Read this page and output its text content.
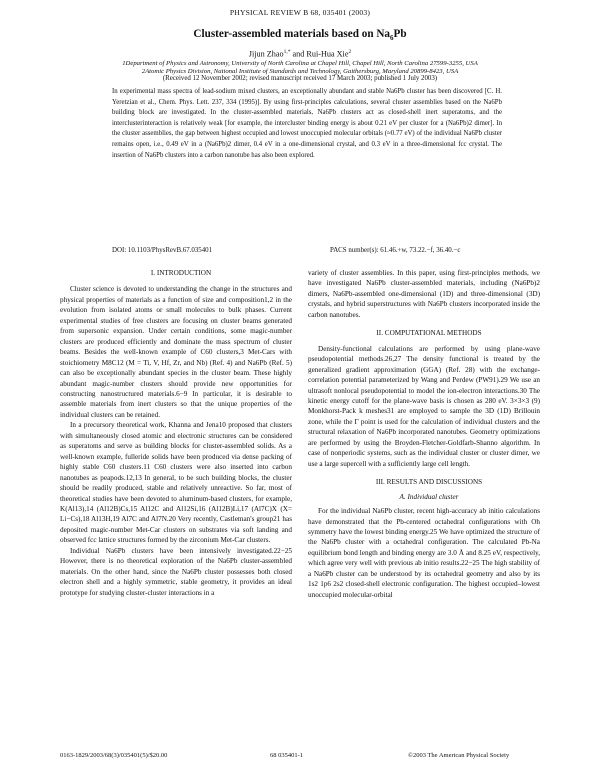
PHYSICAL REVIEW B 68, 035401 (2003)
Cluster-assembled materials based on $Na_6Pb$
Jijun Zhao$^{1,*}$ and Rui-Hua Xie$^2$
1Department of Physics and Astronomy, University of North Carolina at Chapel Hill, Chapel Hill, North Carolina 27599-3255, USA
2Atomic Physics Division, National Institute of Standards and Technology, Gaithersburg, Maryland 20899-8423, USA
(Received 12 November 2002; revised manuscript received 17 March 2003; published 1 July 2003)
In experimental mass spectra of lead-sodium mixed clusters, an exceptionally abundant and stable Na6Pb cluster has been discovered [C. H. Yeretzian et al., Chem. Phys. Lett. 237, 334 (1995)]. By using first-principles calculations, several cluster assemblies based on the Na6Pb building block are investigated. In the cluster-assembled materials, Na6Pb clusters act as closed-shell inert superatoms, and the interclusterinteraction is relatively weak [for example, the intercluster binding energy is about 0.21 eV per cluster for a (Na6Pb)2 dimer]. In the cluster assemblies, the gap between highest occupied and lowest unoccupied molecular orbitals (≈0.77 eV) of the individual Na6Pb cluster remains open, i.e., 0.49 eV in a (Na6Pb)2 dimer, 0.4 eV in a one-dimensional crystal, and 0.3 eV in a three-dimensional fcc crystal. The insertion of Na6Pb clusters into a carbon nanotube has also been explored.
DOI: 10.1103/PhysRevB.67.035401	PACS number(s): 61.46.+w, 73.22.−f, 36.40.−c

I. INTRODUCTION

Cluster science is devoted to understanding the change in the structures and physical properties of materials as a function of size and composition1,2 in the evolution from isolated atoms or small molecules to bulk phases. Current experimental studies of free clusters are focusing on cluster beams generated from supersonic expansion. Under certain conditions, some magic-number clusters are produced efficiently and dominate the mass spectrum of cluster beams. Besides the well-known example of C60 clusters,3 Met-Cars with stoichiometry M8C12 (M = Ti, V, Hf, Zr, and Nb) (Ref. 4) and Na6Pb (Ref. 5) can also be exceptionally abundant species in the cluster beam. These highly abundant magic-number clusters should provide new opportunities for constructing nanostructured materials.6−9 In particular, it is desirable to assemble materials from inert clusters so that the unique properties of the individual clusters can be retained.

In a precursory theoretical work, Khanna and Jena10 proposed that clusters with simultaneously closed atomic and electronic structures can be considered as superatoms and serve as building blocks for cluster-assembled solids. As a well-known example, fulleride solids have been produced via dense packing of highly stable C60 clusters.11 C60 clusters were also inserted into carbon nanotubes as peapods.12,13 In general, to be such building blocks, the cluster should be readily produced, stable and relatively unreactive. So far, most of theoretical studies have been devoted to aluminum-based clusters, for example, K(Al13),14 (Al12B)Cs,15 Al12C and Al12Si,16 (Al12B)Li,17 (Al7C)X (X= Li−Cs),18 Al13H,19 Al7C and Al7N.20 Very recently, Castleman's group21 has deposited magic-number Met-Car clusters on substrates via soft landing and observed fcc lattice structures formed by the zirconium Met-Car clusters.

Individual Na6Pb clusters have been intensively investigated.22−25 However, there is no theoretical exploration of the Na6Pb cluster-assembled materials. On the other hand, since the Na6Pb cluster possesses both closed electron shell and a highly symmetric, stable geometry, it provides an ideal prototype for studying cluster-cluster interactions in a

variety of cluster assemblies. In this paper, using first-principles methods, we have investigated Na6Pb cluster-assembled materials, including (Na6Pb)2 dimers, Na6Pb-assembled one-dimensional (1D) and three-dimensional (3D) crystals, and hybrid superstructures with Na6Pb clusters incorporated inside the carbon nanotubes.

II. COMPUTATIONAL METHODS

Density-functional calculations are performed by using plane-wave pseudopotential methods.26,27 The density functional is treated by the generalized gradient approximation (GGA) (Ref. 28) with the exchange-correlation potential parameterized by Wang and Perdew (PW91).29 We use an ultrasoft nonlocal pseudopotential to model the ion-electron interactions.30 The kinetic energy cutoff for the plane-wave basis is chosen as 280 eV. 3×3×3 (9) Monkhorst-Pack k meshes31 are employed to sample the 3D (1D) Brillouin zone, while the Γ point is used for the calculation of individual clusters and the structural relaxation of Na6Pb incorporated nanotubes. Geometry optimizations are performed by using the Broyden-Fletcher-Goldfarb-Shanno algorithm. In case of nonperiodic systems, such as the individual cluster or cluster dimer, we use a large supercell with a sufficiently large cell length.

III. RESULTS AND DISCUSSIONS

A. Individual cluster

For the individual Na6Pb cluster, recent high-accuracy ab initio calculations have demonstrated that the Pb-centered octahedral configurations with Oh symmetry have the lowest binding energy.25 We have optimized the structure of the Na6Pb cluster with a octahedral configuration. The calculated Pb-Na equilibrium bond length and binding energy are 3.0 Å and 8.25 eV, respectively, which agree very well with previous ab initio results.22−25 The high stability of a Na6Pb cluster can be understood by its octahedral geometry and also by its 1s2 1p6 2s2 closed-shell electronic configuration. The highest occupied–lowest unoccupied molecular-orbital

0163-1829/2003/68(3)/035401(5)/$20.00	68 035401-1	©2003 The American Physical Society
